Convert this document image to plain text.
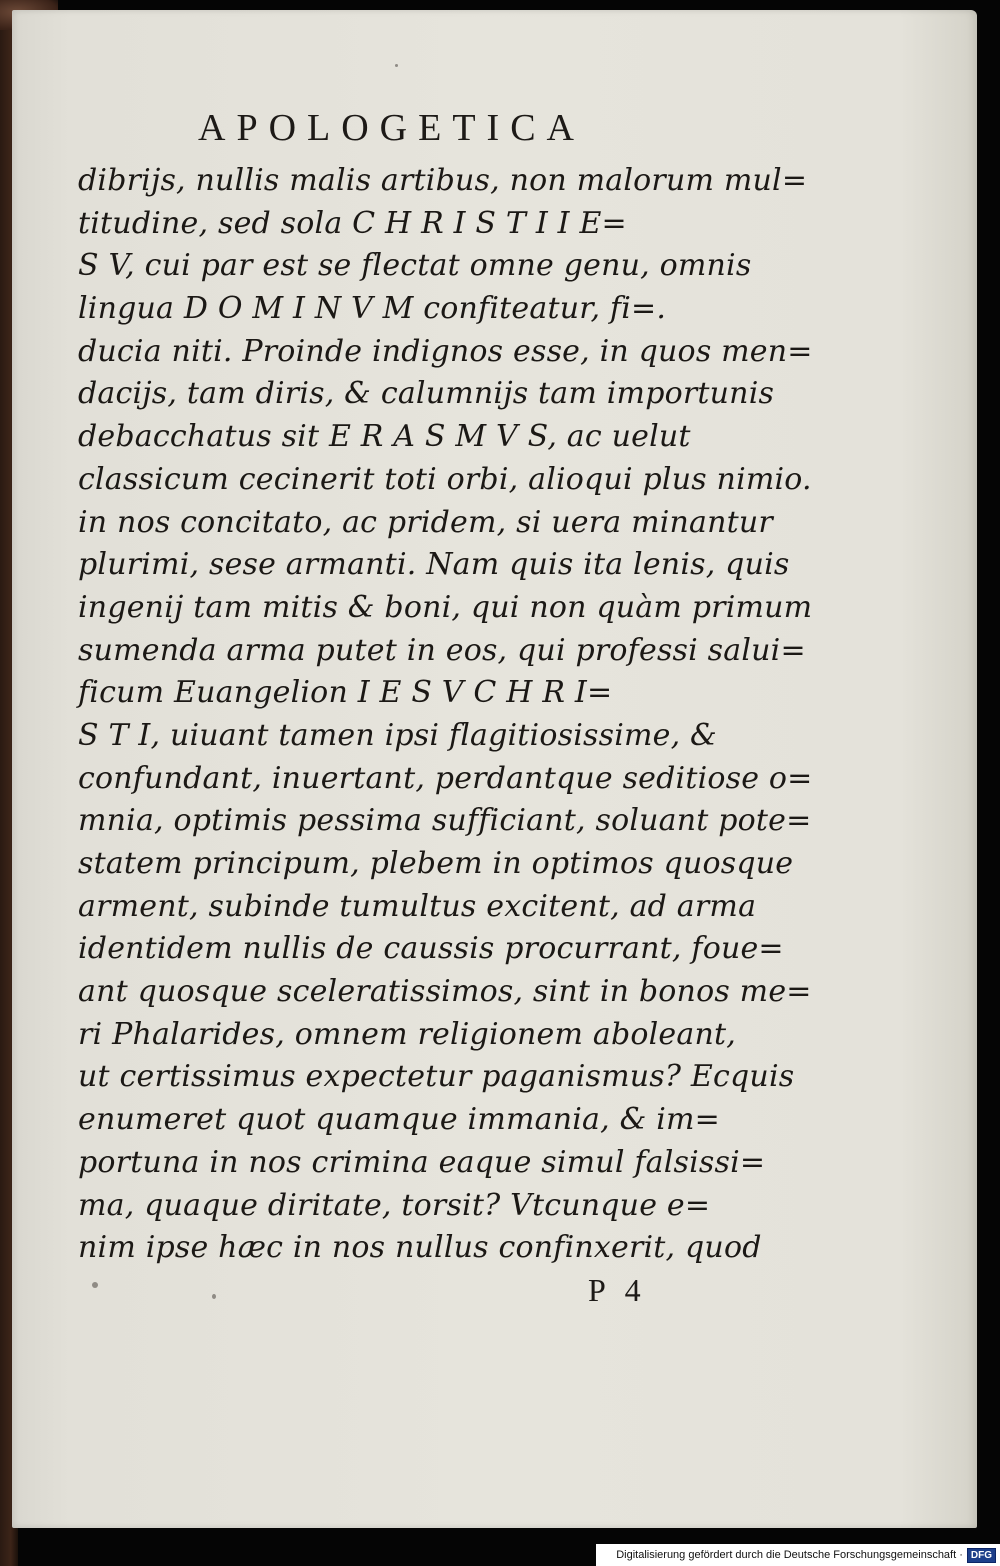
APOLOGETICA
dibrijs, nullis malis artibus, non malorum mul=
titudine, sed sola C H R I S T I I E=
S V, cui par est se flectat omne genu, omnis
lingua D O M I N V M confiteatur, fi=.
ducia niti. Proinde indignos esse, in quos men=
dacijs, tam diris, & calumnijs tam importunis
debacchatus sit E R A S M V S, ac uelut
classicum cecinerit toti orbi, alioqui plus nimio.
in nos concitato, ac pridem, si uera minantur
plurimi, sese armanti. Nam quis ita lenis, quis
ingenij tam mitis & boni, qui non quàm primum
sumenda arma putet in eos, qui professi salui=
ficum Euangelion I E S V C H R I=
S T I, uiuant tamen ipsi flagitiosissime, &
confundant, inuertant, perdantque seditiose o=
mnia, optimis pessima sufficiant, soluant pote=
statem principum, plebem in optimos quosque
arment, subinde tumultus excitent, ad arma
identidem nullis de caussis procurrant, foue=
ant quosque sceleratissimos, sint in bonos me=
ri Phalarides, omnem religionem aboleant,
ut certissimus expectetur paganismus? Ecquis
enumeret quot quamque immania, & im=
portuna in nos crimina eaque simul falsissi=
ma, quaque diritate, torsit? Vtcunque e=
nim ipse hæc in nos nullus confinxerit, quod
P 4
Digitalisierung gefördert durch die Deutsche Forschungsgemeinschaft · DFG
